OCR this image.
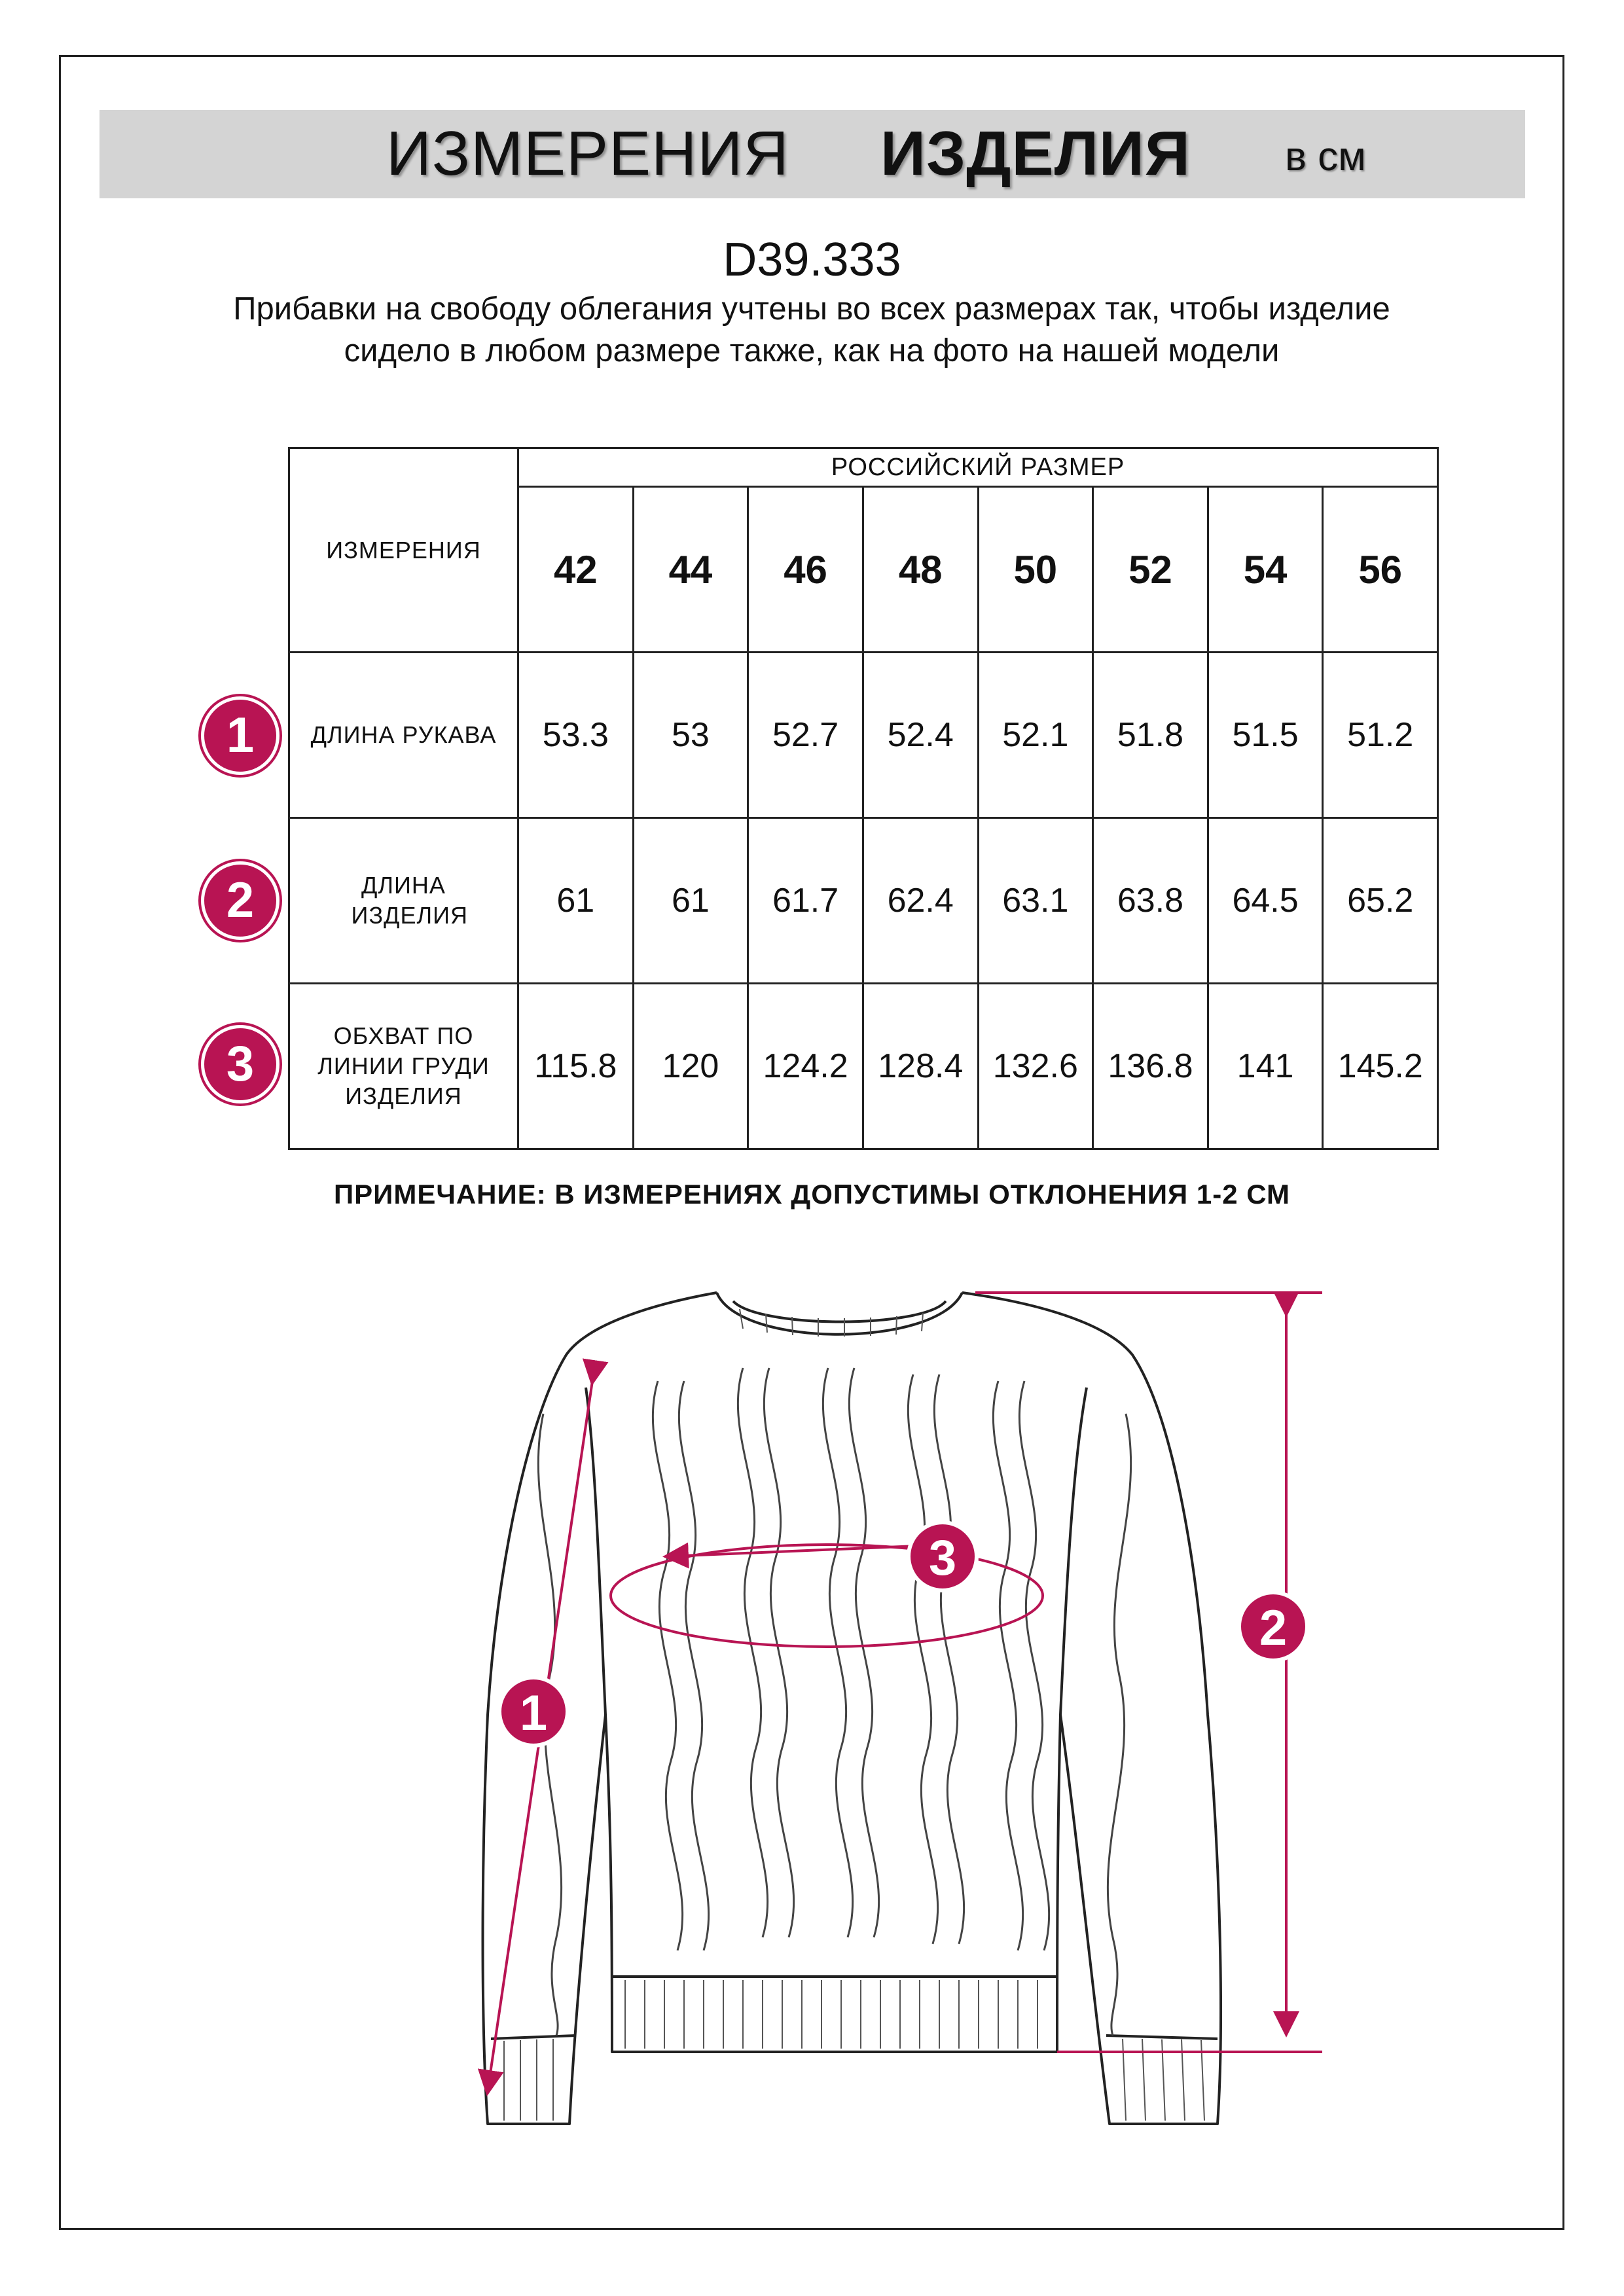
ИЗМЕРЕНИЯ ИЗДЕЛИЯ в см
D39.333
Прибавки на свободу облегания учтены во всех размерах так, чтобы изделие сидело в любом размере также, как на фото на нашей модели
ИЗМЕРЕНИЯ	РОССИЙСКИЙ РАЗМЕР							
	42	44	46	48	50	52	54	56
ДЛИНА РУКАВА	53.3	53	52.7	52.4	52.1	51.8	51.5	51.2

ДЛИНА ИЗДЕЛИЯ	61	61	61.7	62.4	63.1	63.8	64.5	65.2

ОБХВАТ ПО ЛИНИИ ГРУДИ ИЗДЕЛИЯ	115.8	120	124.2	128.4	132.6	136.8	141	145.2
1
2
3
ПРИМЕЧАНИЕ: В ИЗМЕРЕНИЯХ ДОПУСТИМЫ ОТКЛОНЕНИЯ 1-2 СМ
1
2
3
